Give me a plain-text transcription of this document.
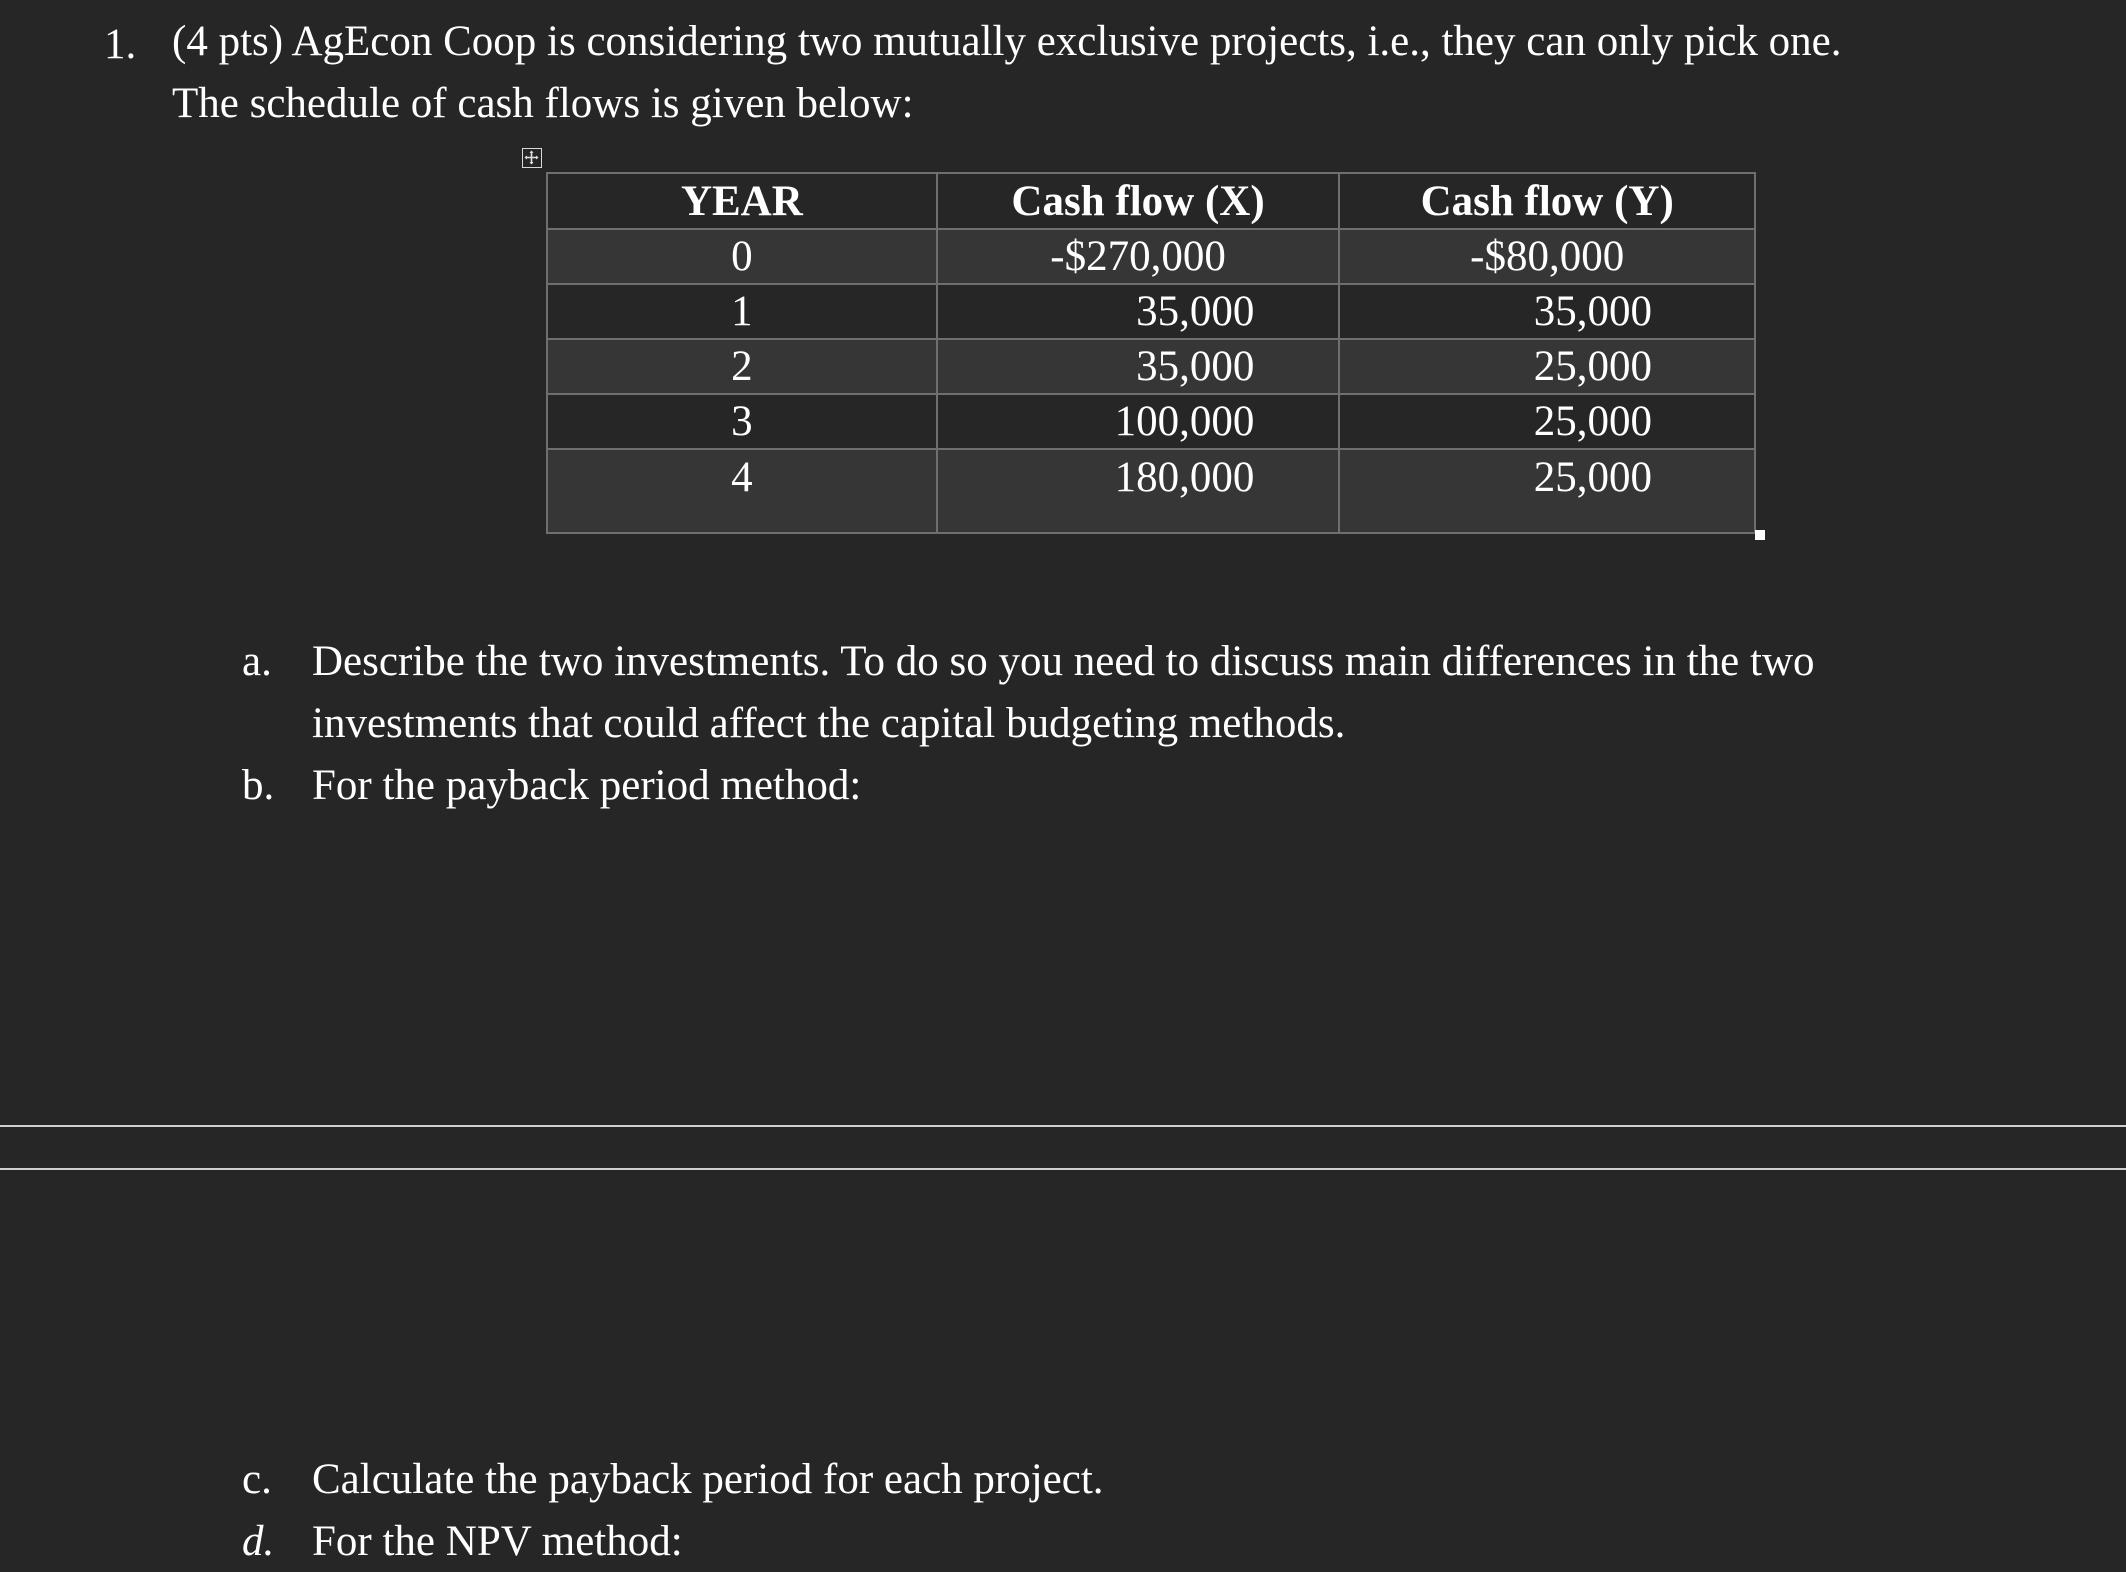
1. (4 pts) AgEcon Coop is considering two mutually exclusive projects, i.e., they can only pick one.
The schedule of cash flows is given below:
YEAR	Cash flow (X)	Cash flow (Y)
0	-$270,000	-$80,000
1	35,000	35,000
2	35,000	25,000
3	100,000	25,000
4	180,000	25,000
a. Describe the two investments. To do so you need to discuss main differences in the two
investments that could affect the capital budgeting methods.
b. For the payback period method:
c. Calculate the payback period for each project.
d. For the NPV method:
